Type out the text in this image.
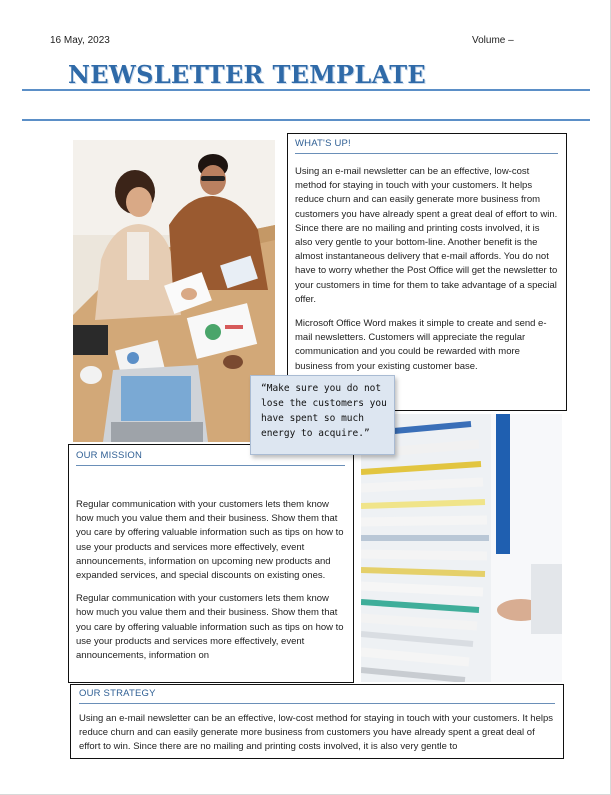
16 May, 2023	Volume –
NEWSLETTER TEMPLATE
WHAT'S UP!

Using an e-mail newsletter can be an effective, low-cost method for staying in touch with your customers. It helps reduce churn and can easily generate more business from customers you have already spent a great deal of effort to win. Since there are no mailing and printing costs involved, it is also very gentle to your bottom-line. Another benefit is the almost instantaneous delivery that e-mail affords. You do not have to worry whether the Post Office will get the newsletter to your customers in time for them to take advantage of a special offer.

Microsoft Office Word makes it simple to create and send e-mail newsletters. Customers will appreciate the regular communication and you could be rewarded with more business from your existing customer base.

OUR MISSION

Regular communication with your customers lets them know how much you value them and their business. Show them that you care by offering valuable information such as tips on how to use your products and services more effectively, event announcements, information on upcoming new products and expanded services, and special discounts on existing ones.

Regular communication with your customers lets them know how much you value them and their business. Show them that you care by offering valuable information such as tips on how to use your products and services more effectively, event announcements, information on

“Make sure you do not
lose the customers you
have spent so much
energy to acquire.”
OUR STRATEGY

Using an e-mail newsletter can be an effective, low-cost method for staying in touch with your customers. It helps reduce churn and can easily generate more business from customers you have already spent a great deal of effort to win. Since there are no mailing and printing costs involved, it is also very gentle to
